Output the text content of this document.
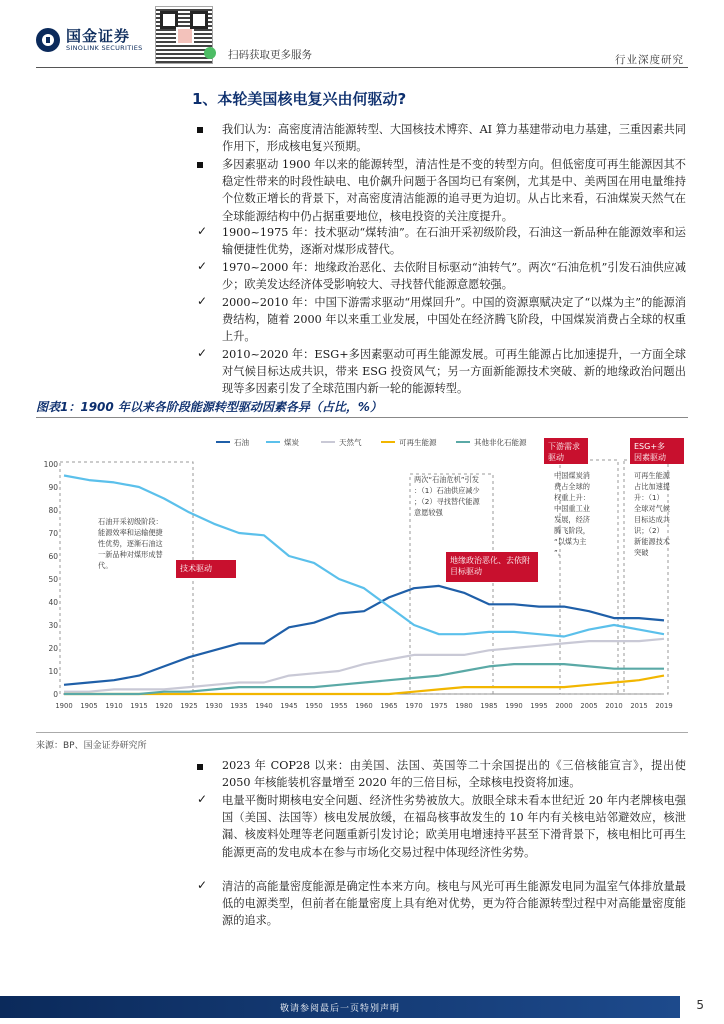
国金证券
SINOLINK SECURITIES
扫码获取更多服务	行业深度研究
1、本轮美国核电复兴由何驱动?

我们认为：高密度清洁能源转型、大国核技术博弈、AI 算力基建带动电力基建，三重因素共同作用下，形成核电复兴预期。

多因素驱动 1900 年以来的能源转型，清洁性是不变的转型方向。但低密度可再生能源因其不稳定性带来的时段性缺电、电价飙升问题于各国均已有案例，尤其是中、美两国在用电量维持个位数正增长的背景下，对高密度清洁能源的追寻更为迫切。从占比来看，石油煤炭天然气在全球能源结构中仍占据重要地位，核电投资的关注度提升。

✓ 1900~1975 年：技术驱动“煤转油”。在石油开采初级阶段，石油这一新品种在能源效率和运输便捷性优势，逐渐对煤形成替代。

✓ 1970~2000 年：地缘政治恶化、去依附目标驱动“油转气”。两次“石油危机”引发石油供应减少；欧美发达经济体受影响较大、寻找替代能源意愿较强。

✓ 2000~2010 年：中国下游需求驱动“用煤回升”。中国的资源禀赋决定了“以煤为主”的能源消费结构，随着 2000 年以来重工业发展，中国处在经济腾飞阶段，中国煤炭消费占全球的权重上升。

✓ 2010~2020 年：ESG+多因素驱动可再生能源发展。可再生能源占比加速提升，一方面全球对气候目标达成共识，带来 ESG 投资风气；另一方面新能源技术突破、新的地缘政治问题出现等多因素引发了全球范围内新一轮的能源转型。

图表1：1900 年以来各阶段能源转型驱动因素各异（占比，%）
0
10
20
30
40
50
60
70
80
90
100
1900 1905 1910 1915 1920 1925 1930 1935 1940 1945 1950 1955 1960 1965 1970 1975 1980 1985 1990 1995 2000 2005 2010 2015 2019
石油	煤炭	天然气	可再生能源	其他非化石能源
石油开采初级阶段：能源效率和运输便捷性优势，逐渐石油这一新品种对煤形成替代。	技术驱动
两次“石油危机”引发：（1）石油供应减少；（2）寻找替代能源意愿较强
地缘政治恶化、去依附目标驱动
下游需求驱动
中国煤炭消费占全球的权重上升：中国重工业发展，经济腾飞阶段，“以煤为主”。
ESG+多因素驱动
可再生能源占比加速提升：（1）全球对气候目标达成共识；（2）新能源技术突破
来源：BP、国金证券研究所

2023 年 COP28 以来：由美国、法国、英国等二十余国提出的《三倍核能宣言》，提出使 2050 年核能装机容量增至 2020 年的三倍目标，全球核电投资将加速。

✓ 电量平衡时期核电安全问题、经济性劣势被放大。放眼全球未看本世纪近 20 年内老牌核电强国（美国、法国等）核电发展放缓，在福岛核事故发生的 10 年内有关核电站邻避效应，核泄漏、核废料处理等老问题重新引发讨论；欧美用电增速持平甚至下滑背景下，核电相比可再生能源更高的发电成本在参与市场化交易过程中体现经济性劣势。

✓ 清洁的高能量密度能源是确定性本来方向。核电与风光可再生能源发电同为温室气体排放量最低的电源类型，但前者在能量密度上具有绝对优势，更为符合能源转型过程中对高能量密度能源的追求。

敬请参阅最后一页特别声明	5
